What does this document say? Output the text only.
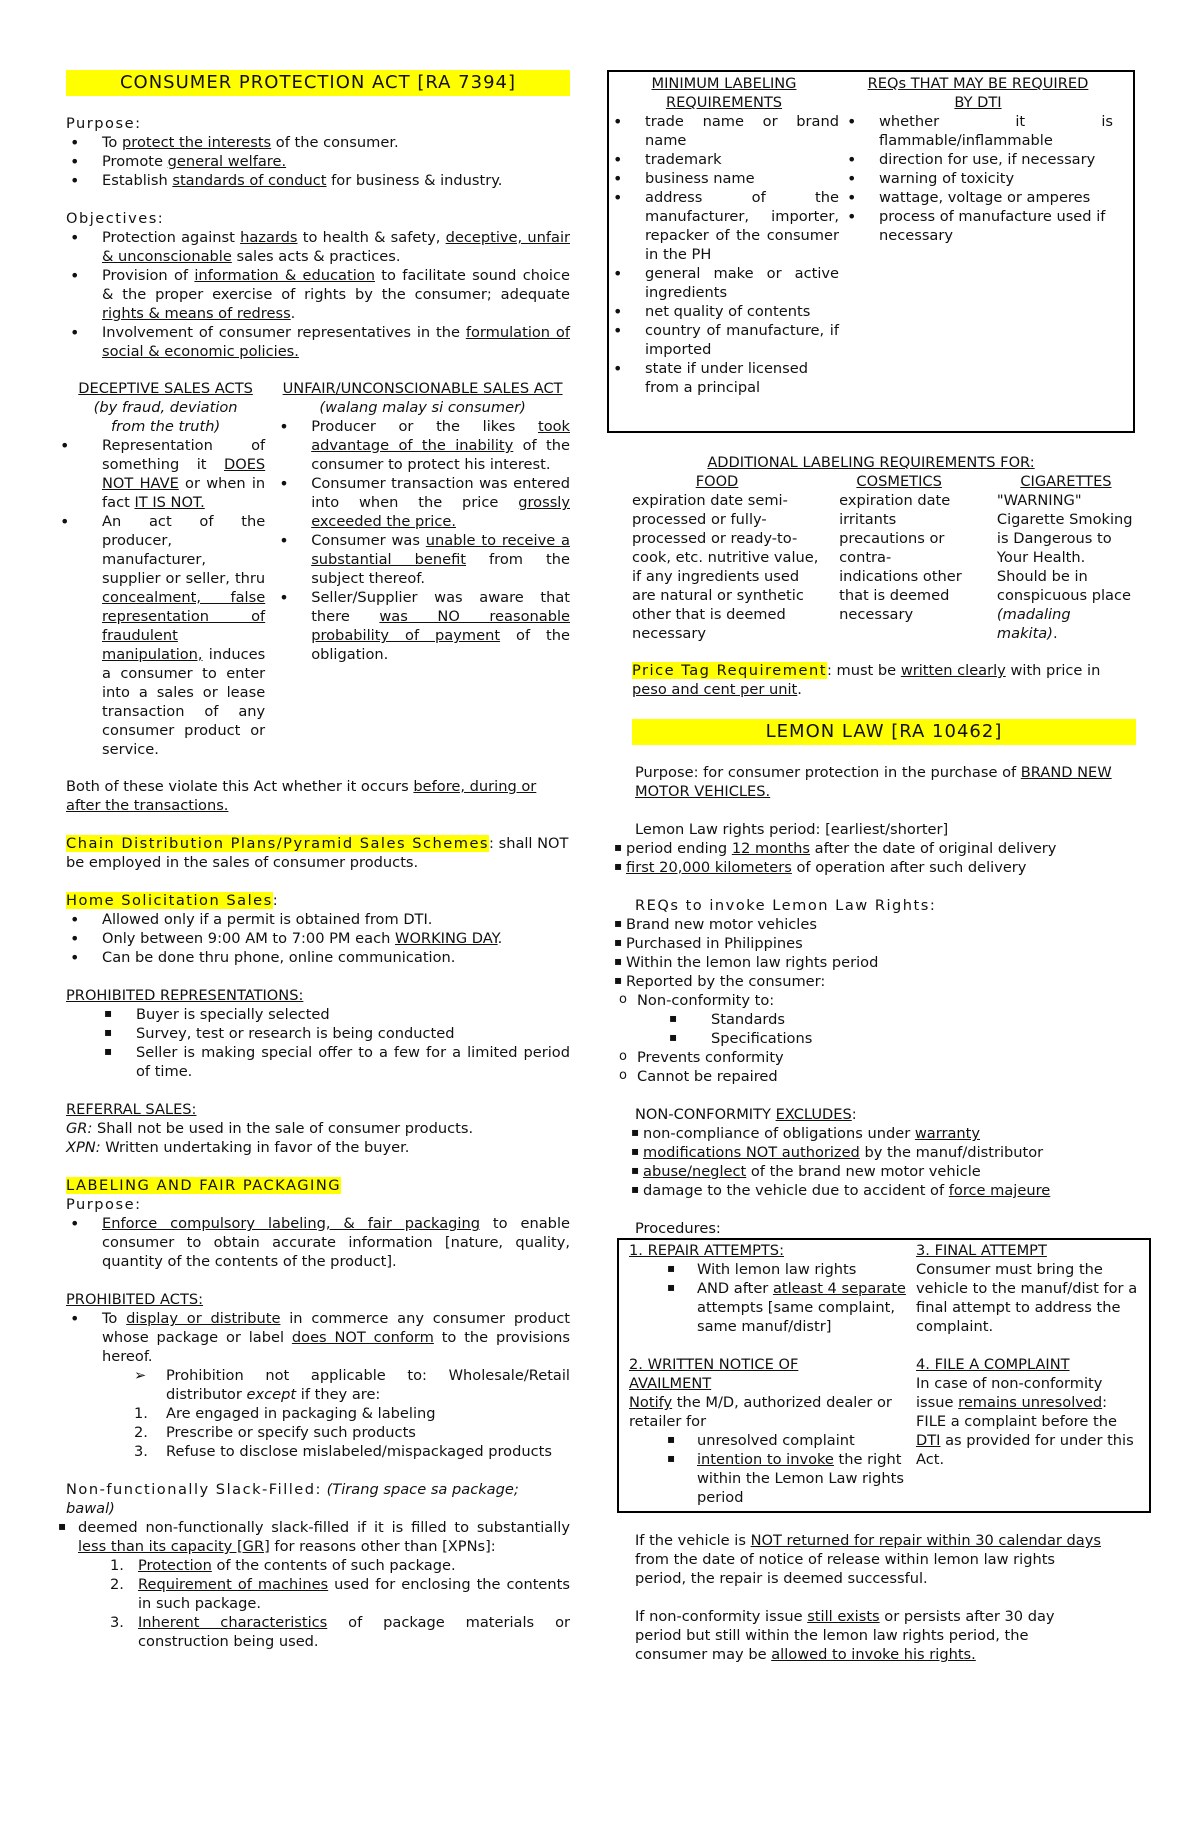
CONSUMER PROTECTION ACT [RA 7394]

Purpose:

• To protect the interests of the consumer.
• Promote general welfare.
• Establish standards of conduct for business & industry.

Objectives:

• Protection against hazards to health & safety, deceptive, unfair & unconscionable sales acts & practices.
• Provision of information & education to facilitate sound choice & the proper exercise of rights by the consumer; adequate rights & means of redress.
• Involvement of consumer representatives in the formulation of social & economic policies.

DECEPTIVE SALES ACTS

(by fraud, deviation from the truth)

• Representation of something it DOES NOT HAVE or when in fact IT IS NOT.
• An act of the producer, manufacturer, supplier or seller, thru concealment, false representation of fraudulent manipulation, induces a consumer to enter into a sales or lease transaction of any consumer product or service.

UNFAIR/UNCONSCIONABLE SALES ACT

(walang malay si consumer)

• Producer or the likes took advantage of the inability of the consumer to protect his interest.
• Consumer transaction was entered into when the price grossly exceeded the price.
• Consumer was unable to receive a substantial benefit from the subject thereof.
• Seller/Supplier was aware that there was NO reasonable probability of payment of the obligation.

Both of these violate this Act whether it occurs before, during or after the transactions.

Chain Distribution Plans/Pyramid Sales Schemes: shall NOT be employed in the sales of consumer products.

Home Solicitation Sales:

• Allowed only if a permit is obtained from DTI.
• Only between 9:00 AM to 7:00 PM each WORKING DAY.
• Can be done thru phone, online communication.

PROHIBITED REPRESENTATIONS:

▪ Buyer is specially selected
▪ Survey, test or research is being conducted
▪ Seller is making special offer to a few for a limited period of time.

REFERRAL SALES:

GR: Shall not be used in the sale of consumer products.

XPN: Written undertaking in favor of the buyer.

LABELING AND FAIR PACKAGING

Purpose:

• Enforce compulsory labeling, & fair packaging to enable consumer to obtain accurate information [nature, quality, quantity of the contents of the product].

PROHIBITED ACTS:

• To display or distribute in commerce any consumer product whose package or label does NOT conform to the provisions hereof.
➢ Prohibition not applicable to: Wholesale/Retail distributor except if they are:
1. Are engaged in packaging & labeling
2. Prescribe or specify such products
3. Refuse to disclose mislabeled/mispackaged products

Non-functionally Slack-Filled: (Tirang space sa package; bawal)

▪ deemed non-functionally slack-filled if it is filled to substantially less than its capacity [GR] for reasons other than [XPNs]:
1. Protection of the contents of such package.
2. Requirement of machines used for enclosing the contents in such package.
3. Inherent characteristics of package materials or construction being used.

MINIMUM LABELING REQUIREMENTS

• trade name or brand name
• trademark
• business name
• address of the manufacturer, importer, repacker of the consumer in the PH
• general make or active ingredients
• net quality of contents
• country of manufacture, if imported
• state if under licensed from a principal

REQs THAT MAY BE REQUIRED BY DTI

• whether it is flammable/inflammable
• direction for use, if necessary
• warning of toxicity
• wattage, voltage or amperes
• process of manufacture used if necessary

ADDITIONAL LABELING REQUIREMENTS FOR:

FOOD

expiration date semi-processed or fully-processed or ready-to-cook, etc. nutritive value, if any ingredients used are natural or synthetic other that is deemed necessary

COSMETICS

expiration date irritants precautions or contra-indications other that is deemed necessary

CIGARETTES

"WARNING" Cigarette Smoking is Dangerous to Your Health. Should be in conspicuous place (madaling makita).

Price Tag Requirement: must be written clearly with price in peso and cent per unit.

LEMON LAW [RA 10462]

Purpose: for consumer protection in the purchase of BRAND NEW MOTOR VEHICLES.

Lemon Law rights period: [earliest/shorter]

▪ period ending 12 months after the date of original delivery
▪ first 20,000 kilometers of operation after such delivery

REQs to invoke Lemon Law Rights:

▪ Brand new motor vehicles
▪ Purchased in Philippines
▪ Within the lemon law rights period
▪ Reported by the consumer:
o Non-conformity to:
▪ Standards
▪ Specifications
o Prevents conformity
o Cannot be repaired

NON-CONFORMITY EXCLUDES:

▪ non-compliance of obligations under warranty
▪ modifications NOT authorized by the manuf/distributor
▪ abuse/neglect of the brand new motor vehicle
▪ damage to the vehicle due to accident of force majeure

Procedures:

1. REPAIR ATTEMPTS:

▪ With lemon law rights
▪ AND after atleast 4 separate attempts [same complaint, same manuf/distr]

3. FINAL ATTEMPT

Consumer must bring the vehicle to the manuf/dist for a final attempt to address the complaint.

2. WRITTEN NOTICE OF AVAILMENT

Notify the M/D, authorized dealer or retailer for

▪ unresolved complaint
▪ intention to invoke the right within the Lemon Law rights period

4. FILE A COMPLAINT

In case of non-conformity issue remains unresolved: FILE a complaint before the DTI as provided for under this Act.

If the vehicle is NOT returned for repair within 30 calendar days from the date of notice of release within lemon law rights period, the repair is deemed successful.

If non-conformity issue still exists or persists after 30 day period but still within the lemon law rights period, the consumer may be allowed to invoke his rights.
